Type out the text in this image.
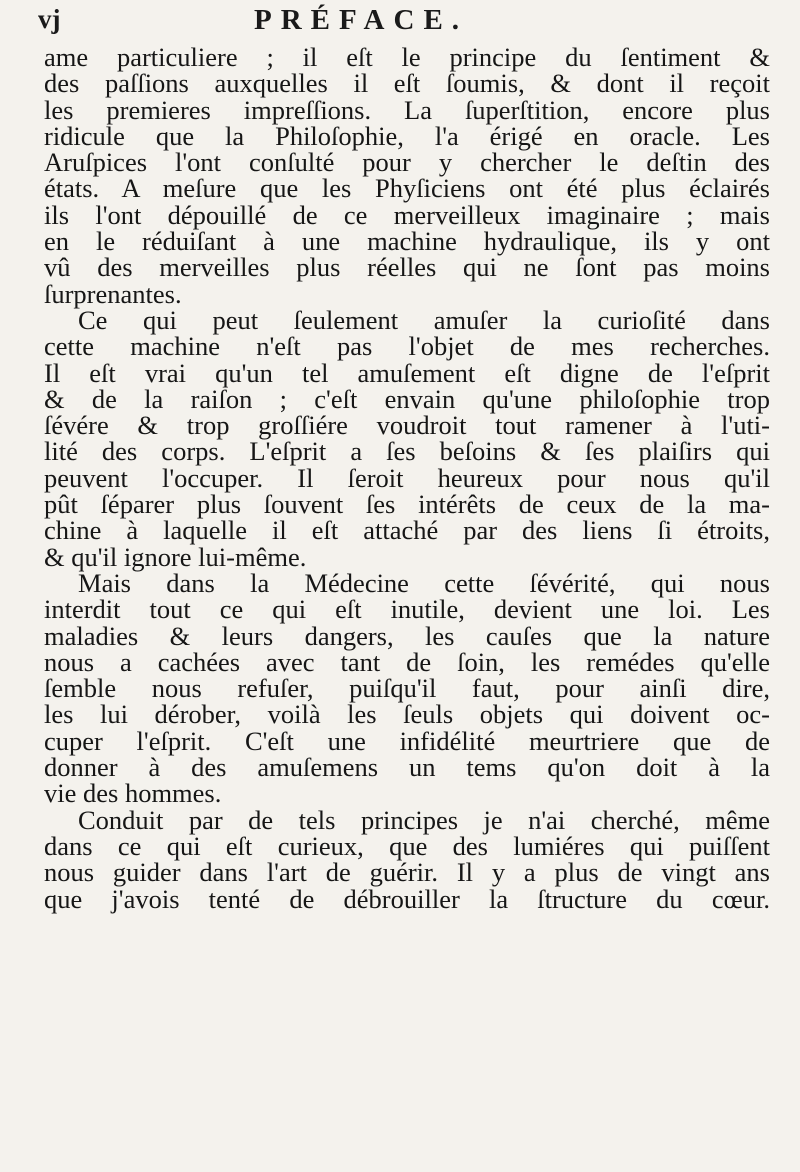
vj	PRÉFACE.
ame particuliere ; il eſt le principe du ſentiment &
des paſſions auxquelles il eſt ſoumis, & dont il reçoit
les premieres impreſſions. La ſuperſtition, encore plus
ridicule que la Philoſophie, l'a érigé en oracle. Les
Aruſpices l'ont conſulté pour y chercher le deſtin des
états. A meſure que les Phyſiciens ont été plus éclairés
ils l'ont dépouillé de ce merveilleux imaginaire ; mais
en le réduiſant à une machine hydraulique, ils y ont
vû des merveilles plus réelles qui ne ſont pas moins
ſurprenantes.
Ce qui peut ſeulement amuſer la curioſité dans
cette machine n'eſt pas l'objet de mes recherches.
Il eſt vrai qu'un tel amuſement eſt digne de l'eſprit
& de la raiſon ; c'eſt envain qu'une philoſophie trop
ſévére & trop groſſiére voudroit tout ramener à l'uti-
lité des corps. L'eſprit a ſes beſoins & ſes plaiſirs qui
peuvent l'occuper. Il ſeroit heureux pour nous qu'il
pût ſéparer plus ſouvent ſes intérêts de ceux de la ma-
chine à laquelle il eſt attaché par des liens ſi étroits,
& qu'il ignore lui-même.
Mais dans la Médecine cette ſévérité, qui nous
interdit tout ce qui eſt inutile, devient une loi. Les
maladies & leurs dangers, les cauſes que la nature
nous a cachées avec tant de ſoin, les remédes qu'elle
ſemble nous refuſer, puiſqu'il faut, pour ainſi dire,
les lui dérober, voilà les ſeuls objets qui doivent oc-
cuper l'eſprit. C'eſt une infidélité meurtriere que de
donner à des amuſemens un tems qu'on doit à la
vie des hommes.
Conduit par de tels principes je n'ai cherché, même
dans ce qui eſt curieux, que des lumiéres qui puiſſent
nous guider dans l'art de guérir. Il y a plus de vingt ans
que j'avois tenté de débrouiller la ſtructure du cœur.
